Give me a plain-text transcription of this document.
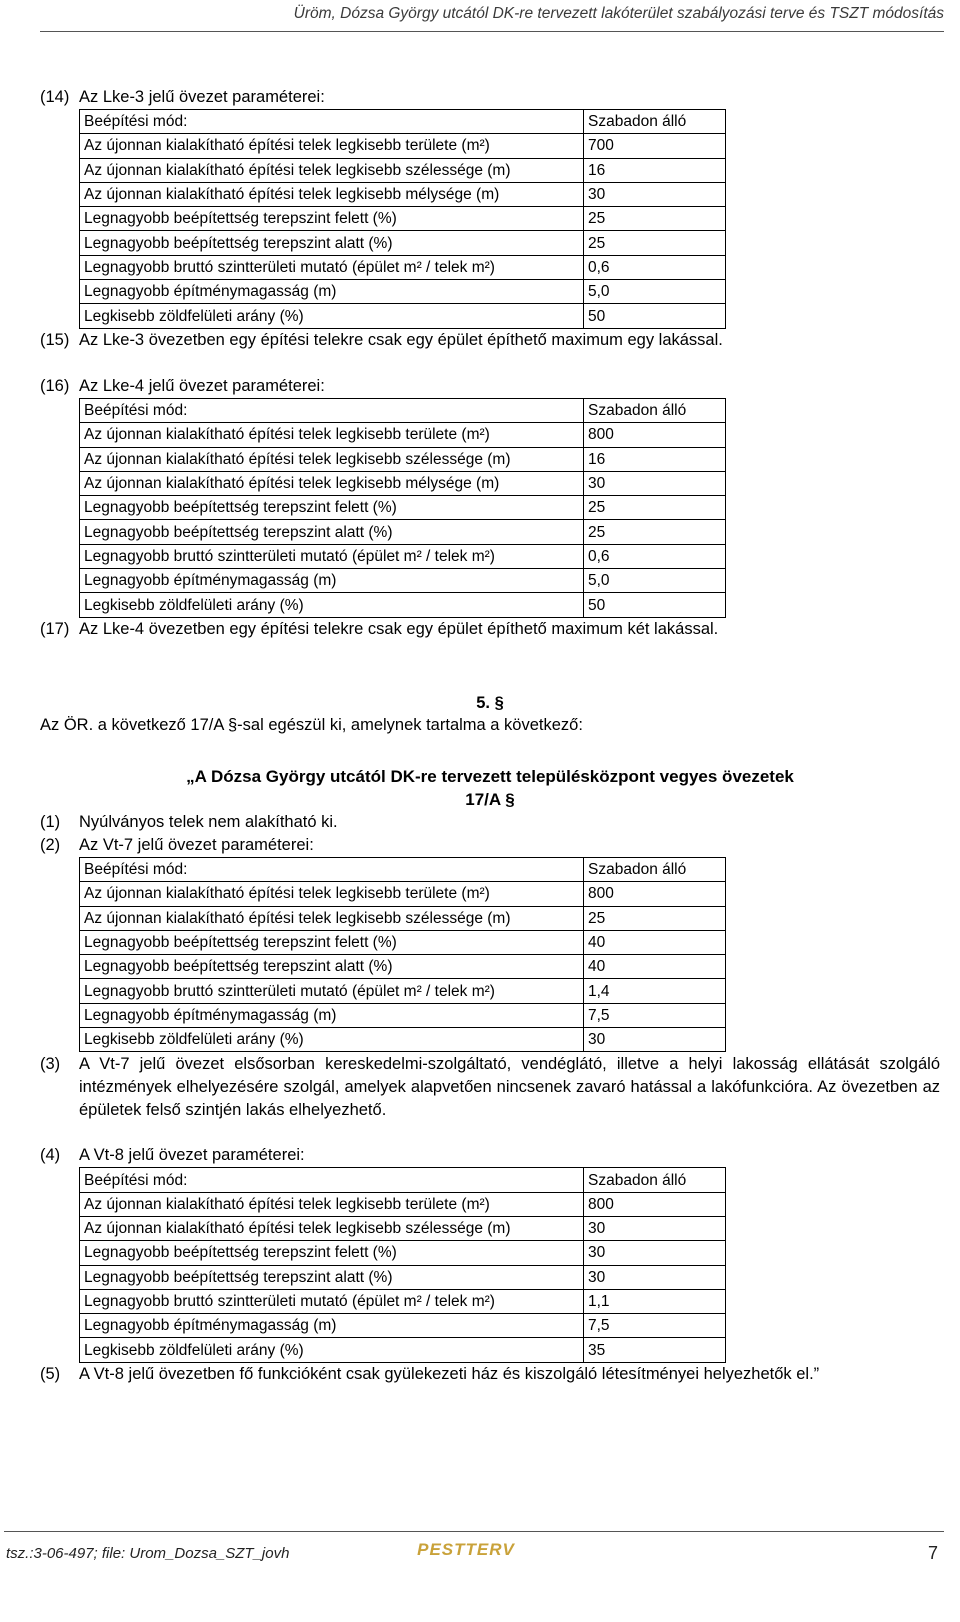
Üröm, Dózsa György utcától DK-re tervezett lakóterület szabályozási terve és TSZT módosítás
(14) Az Lke-3 jelű övezet paraméterei:
Beépítési mód:	Szabadon álló
Az újonnan kialakítható építési telek legkisebb területe (m²)	700
Az újonnan kialakítható építési telek legkisebb szélessége (m)	16
Az újonnan kialakítható építési telek legkisebb mélysége (m)	30
Legnagyobb beépítettség terepszint felett (%)	25
Legnagyobb beépítettség terepszint alatt (%)	25
Legnagyobb bruttó szintterületi mutató (épület m² / telek m²)	0,6
Legnagyobb építménymagasság (m)	5,0
Legkisebb zöldfelületi arány (%)	50
(15) Az Lke-3 övezetben egy építési telekre csak egy épület építhető maximum egy lakással.
(16) Az Lke-4 jelű övezet paraméterei:
Beépítési mód:	Szabadon álló
Az újonnan kialakítható építési telek legkisebb területe (m²)	800
Az újonnan kialakítható építési telek legkisebb szélessége (m)	16
Az újonnan kialakítható építési telek legkisebb mélysége (m)	30
Legnagyobb beépítettség terepszint felett (%)	25
Legnagyobb beépítettség terepszint alatt (%)	25
Legnagyobb bruttó szintterületi mutató (épület m² / telek m²)	0,6
Legnagyobb építménymagasság (m)	5,0
Legkisebb zöldfelületi arány (%)	50
(17) Az Lke-4 övezetben egy építési telekre csak egy épület építhető maximum két lakással.
5. §
Az ÖR. a következő 17/A §-sal egészül ki, amelynek tartalma a következő:
„A Dózsa György utcától DK-re tervezett településközpont vegyes övezetek
17/A §
(1)	Nyúlványos telek nem alakítható ki.
(2)	Az Vt-7 jelű övezet paraméterei:
Beépítési mód:	Szabadon álló
Az újonnan kialakítható építési telek legkisebb területe (m²)	800
Az újonnan kialakítható építési telek legkisebb szélessége (m)	25
Legnagyobb beépítettség terepszint felett (%)	40
Legnagyobb beépítettség terepszint alatt (%)	40
Legnagyobb bruttó szintterületi mutató (épület m² / telek m²)	1,4
Legnagyobb építménymagasság (m)	7,5
Legkisebb zöldfelületi arány (%)	30
(3)	A Vt-7 jelű övezet elsősorban kereskedelmi-szolgáltató, vendéglátó, illetve a helyi lakosság ellátását szolgáló intézmények elhelyezésére szolgál, amelyek alapvetően nincsenek zavaró hatással a lakófunkcióra. Az övezetben az épületek felső szintjén lakás elhelyezhető.
(4)	A Vt-8 jelű övezet paraméterei:
Beépítési mód:	Szabadon álló
Az újonnan kialakítható építési telek legkisebb területe (m²)	800
Az újonnan kialakítható építési telek legkisebb szélessége (m)	30
Legnagyobb beépítettség terepszint felett (%)	30
Legnagyobb beépítettség terepszint alatt (%)	30
Legnagyobb bruttó szintterületi mutató (épület m² / telek m²)	1,1
Legnagyobb építménymagasság (m)	7,5
Legkisebb zöldfelületi arány (%)	35
(5)	A Vt-8 jelű övezetben fő funkcióként csak gyülekezeti ház és kiszolgáló létesítményei helyezhetők el.”
tsz.:3-06-497; file: Urom_Dozsa_SZT_jovh	PESTTERV	7
